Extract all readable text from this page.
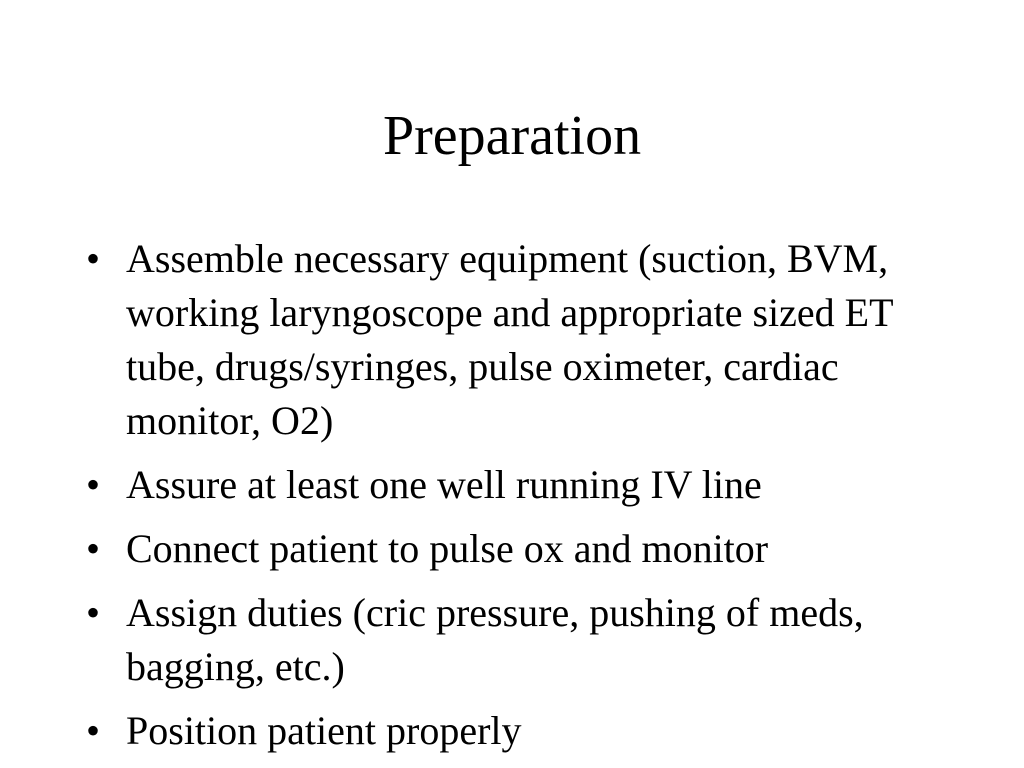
Preparation
• Assemble necessary equipment (suction, BVM, working laryngoscope and appropriate sized ET tube, drugs/syringes, pulse oximeter, cardiac monitor, O2)
• Assure at least one well running IV line
• Connect patient to pulse ox and monitor
• Assign duties (cric pressure, pushing of meds, bagging, etc.)
• Position patient properly
